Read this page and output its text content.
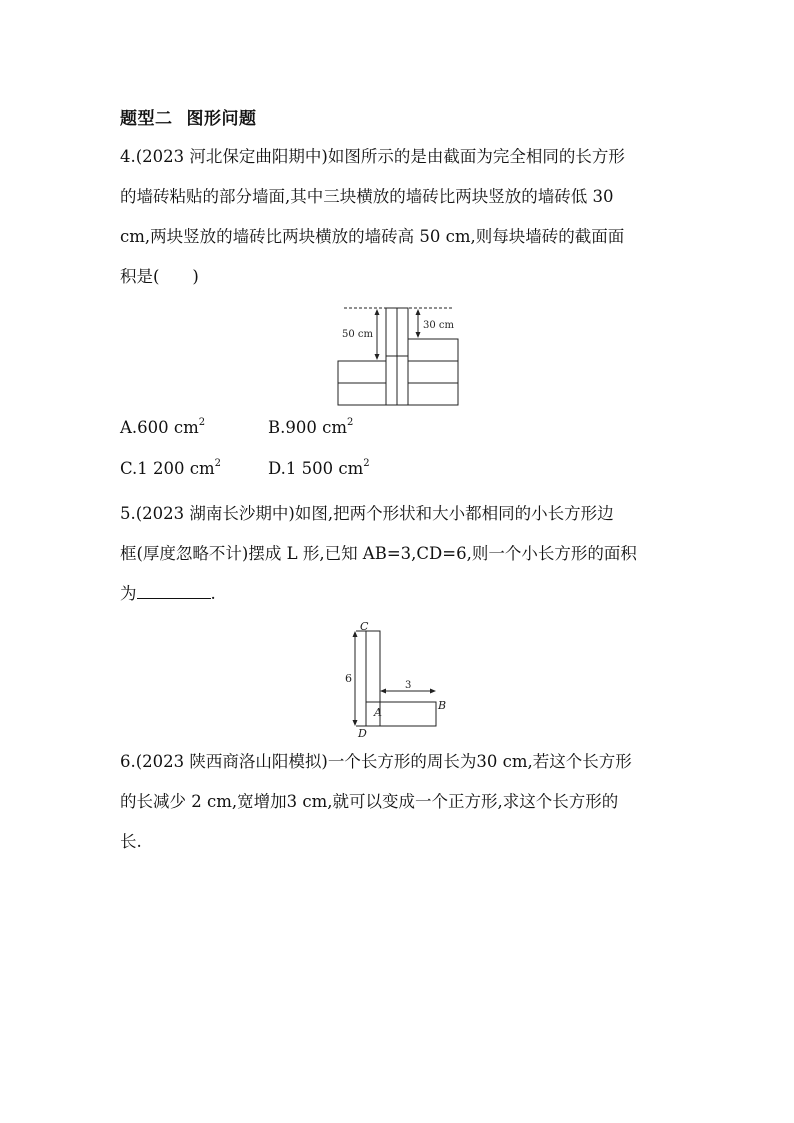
题型二 图形问题
4.(2023 河北保定曲阳期中)如图所示的是由截面为完全相同的长方形
的墙砖粘贴的部分墙面,其中三块横放的墙砖比两块竖放的墙砖低 30
cm,两块竖放的墙砖比两块横放的墙砖高 50 cm,则每块墙砖的截面面
积是(　　)
50 cm
30 cm
A.600 $cm^2$	B.900 $cm^2$
C.1 200 $cm^2$	D.1 500 $cm^2$
5.(2023 湖南长沙期中)如图,把两个形状和大小都相同的小长方形边
框(厚度忽略不计)摆成 L 形,已知 AB=3,CD=6,则一个小长方形的面积
为	.
C
D
A
B
6
3
6.(2023 陕西商洛山阳模拟)一个长方形的周长为30 cm,若这个长方形
的长减少 2 cm,宽增加3 cm,就可以变成一个正方形,求这个长方形的
长.
